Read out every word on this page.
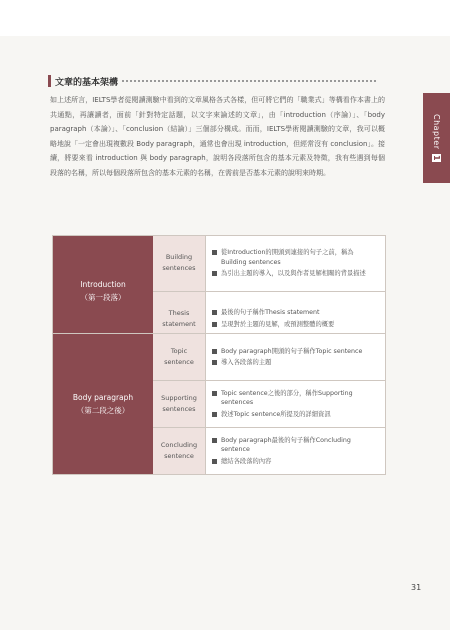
Chapter 1
文章的基本架構

如上述所言，IELTS學者從閱讀測驗中看到的文章風格各式各樣，但可將它們的「職業式」等構看作本書上的共通點，再讓讀者，面前「針對特定話題，以文字來論述的文章」，由「introduction（序論）」、「body paragraph（本論）」、「conclusion（結論）」三個部分構成。而而，IELTS學術閱讀測驗的文章，我可以概略地說「一定會出現複數段 Body paragraph，通常也會出現 introduction，但經常沒有 conclusion」。接續，將要來看 introduction 與 body paragraph，說明各段落所包含的基本元素及特徵，我有些遇到每個段落的名稱，所以每個段落所包含的基本元素的名稱，在需前是否基本元素的說明來時期。

Introduction
（第一段落）
Building
sentences
從Introduction的開頭到連接的句子之前，稱為Building sentences
為引出主題的導入，以及與作者見解相關的背景描述
Thesis
statement
最後的句子稱作Thesis statement
呈現對於主題的見解，或預測整體的概要
Body paragraph
（第二段之後）
Topic
sentence
Body paragraph開頭的句子稱作Topic sentence
導入各段落的主題
Supporting
sentences
Topic sentence之後的部分，稱作Supporting sentences
敘述Topic sentence所提及的詳細資訊
Concluding
sentence
Body paragraph最後的句子稱作Concluding sentence
總結各段落的內容
31
